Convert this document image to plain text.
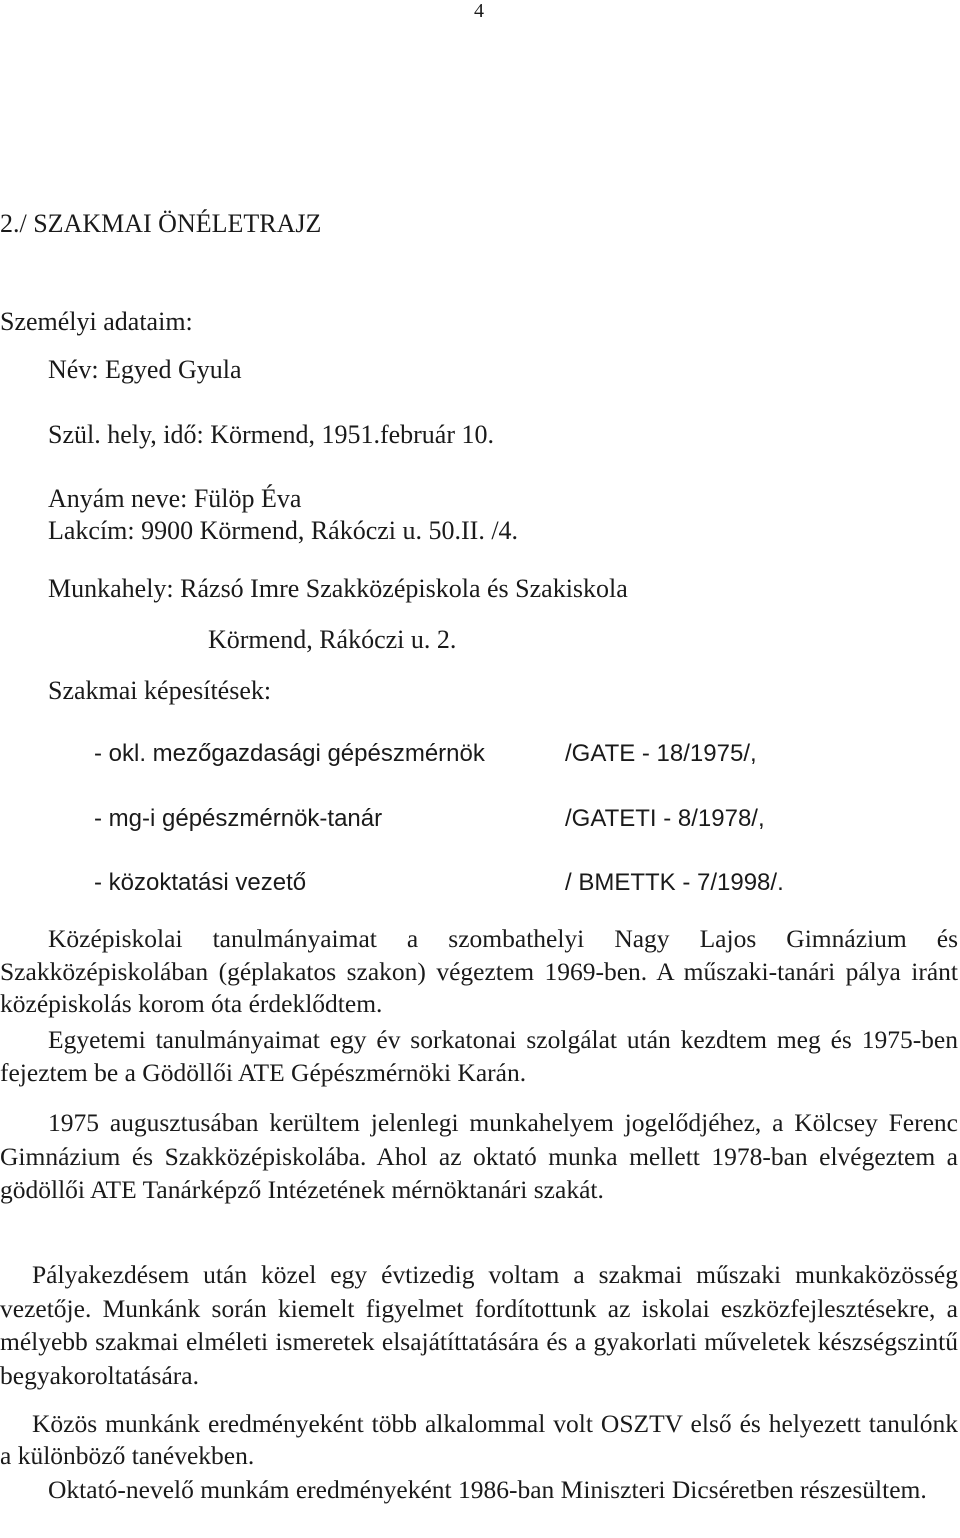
4
2./ SZAKMAI ÖNÉLETRAJZ
Személyi adataim:
Név: Egyed Gyula
Szül. hely, idő: Körmend, 1951.február 10.
Anyám neve: Fülöp Éva
Lakcím: 9900 Körmend, Rákóczi u. 50.II. /4.
Munkahely: Rázsó Imre Szakközépiskola és Szakiskola
Körmend, Rákóczi u. 2.
Szakmai képesítések:
- okl. mezőgazdasági gépészmérnök	/GATE - 18/1975/,
- mg-i gépészmérnök-tanár	/GATETI - 8/1978/,
- közoktatási vezető	/ BMETTK - 7/1998/.

Középiskolai tanulmányaimat a szombathelyi Nagy Lajos Gimnázium és Szakközépiskolában (géplakatos szakon) végeztem 1969-ben. A műszaki-tanári pálya iránt középiskolás korom óta érdeklődtem.

Egyetemi tanulmányaimat egy év sorkatonai szolgálat után kezdtem meg és 1975-ben fejeztem be a Gödöllői ATE Gépészmérnöki Karán.

1975 augusztusában kerültem jelenlegi munkahelyem jogelődjéhez, a Kölcsey Ferenc Gimnázium és Szakközépiskolába. Ahol az oktató munka mellett 1978-ban elvégeztem a gödöllői ATE Tanárképző Intézetének mérnöktanári szakát.

Pályakezdésem után közel egy évtizedig voltam a szakmai műszaki munkaközösség vezetője. Munkánk során kiemelt figyelmet fordítottunk az iskolai eszközfejlesztésekre, a mélyebb szakmai elméleti ismeretek elsajátíttatására és a gyakorlati műveletek készségszintű begyakoroltatására.

Közös munkánk eredményeként több alkalommal volt OSZTV első és helyezett tanulónk a különböző tanévekben.

Oktató-nevelő munkám eredményeként 1986-ban Miniszteri Dicséretben részesültem.
